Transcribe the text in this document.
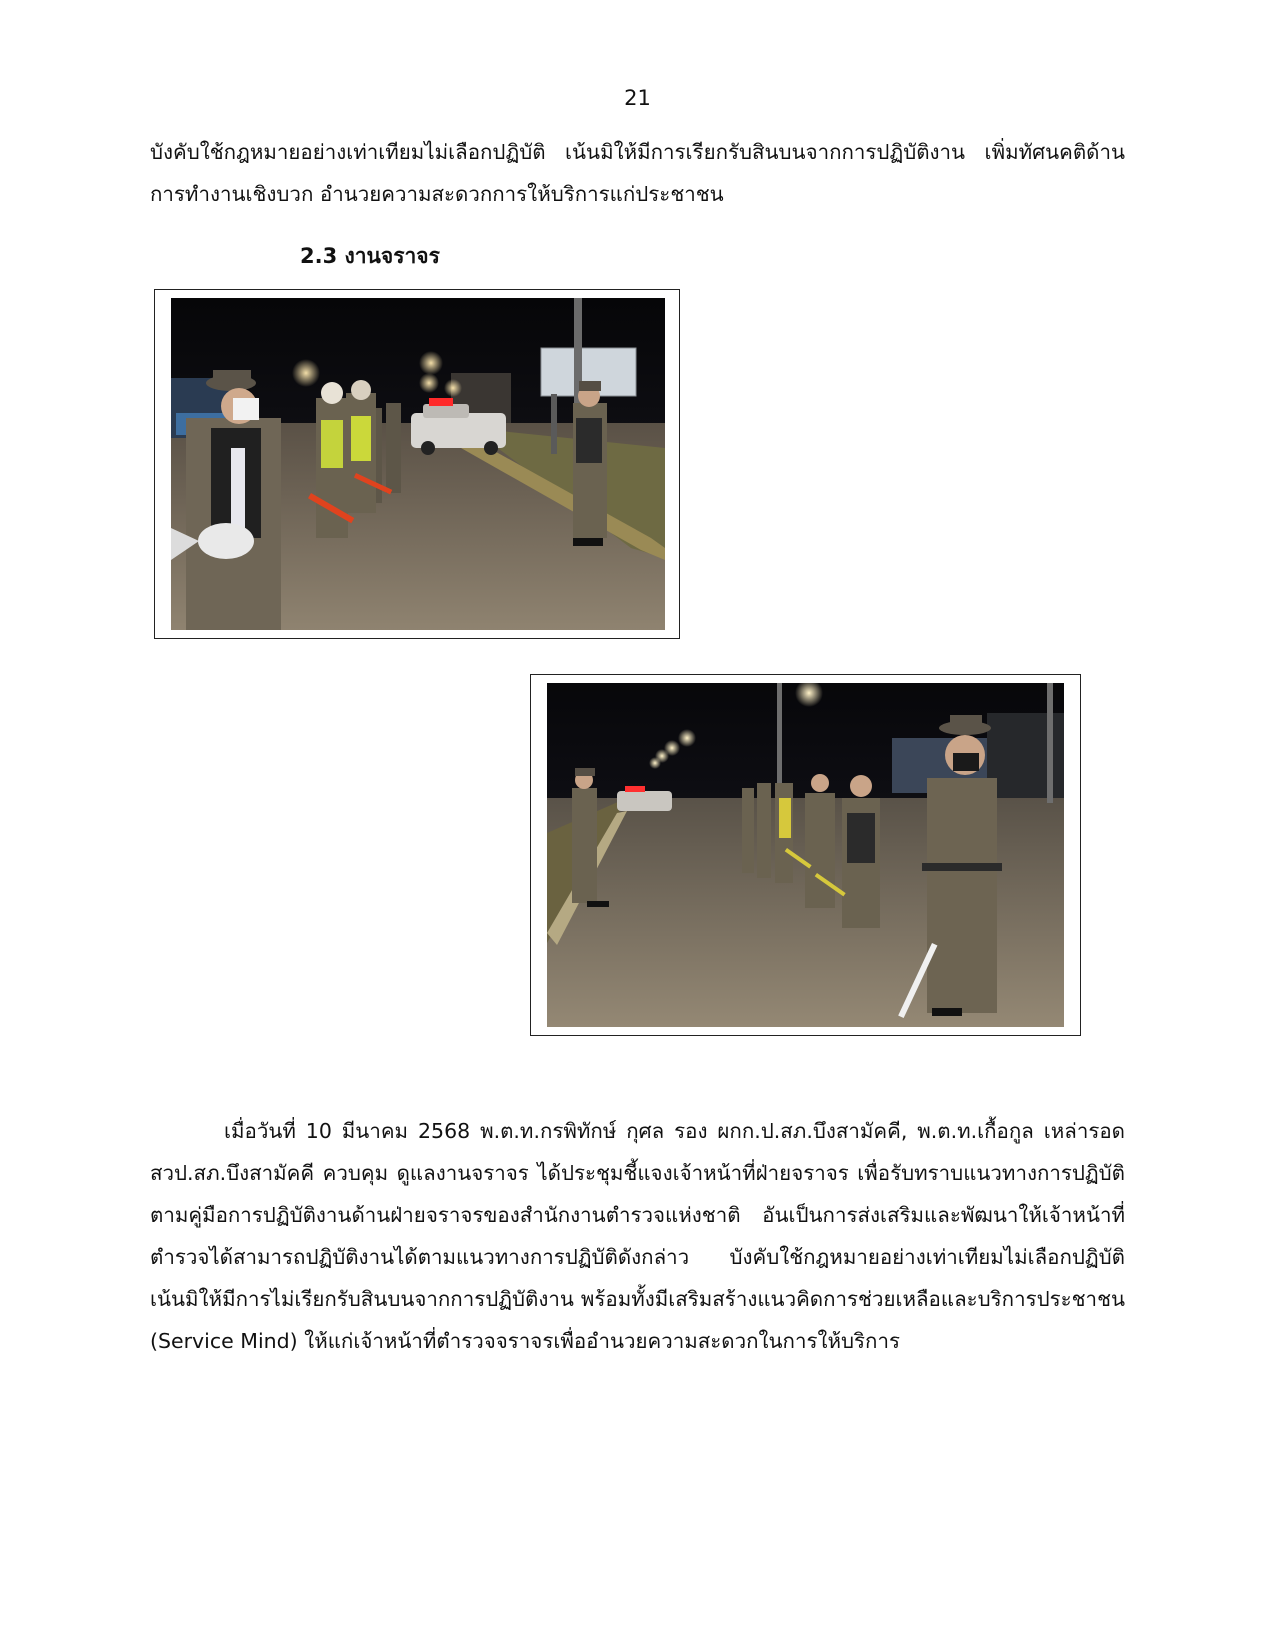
21
บังคับใช้กฎหมายอย่างเท่าเทียมไม่เลือกปฏิบัติ เน้นมิให้มีการเรียกรับสินบนจากการปฏิบัติงาน เพิ่มทัศนคติด้าน
การทำงานเชิงบวก อำนวยความสะดวกการให้บริการแก่ประชาชน
2.3 งานจราจร
เมื่อวันที่ 10 มีนาคม 2568 พ.ต.ท.กรพิทักษ์ กุศล รอง ผกก.ป.สภ.บึงสามัคคี, พ.ต.ท.เกื้อกูล เหล่ารอด
สวป.สภ.บึงสามัคคี ควบคุม ดูแลงานจราจร ได้ประชุมชี้แจงเจ้าหน้าที่ฝ่ายจราจร เพื่อรับทราบแนวทางการปฏิบัติ
ตามคู่มือการปฏิบัติงานด้านฝ่ายจราจรของสำนักงานตำรวจแห่งชาติ อันเป็นการส่งเสริมและพัฒนาให้เจ้าหน้าที่
ตำรวจได้สามารถปฏิบัติงานได้ตามแนวทางการปฏิบัติดังกล่าว บังคับใช้กฎหมายอย่างเท่าเทียมไม่เลือกปฏิบัติ
เน้นมิให้มีการไม่เรียกรับสินบนจากการปฏิบัติงาน พร้อมทั้งมีเสริมสร้างแนวคิดการช่วยเหลือและบริการประชาชน
(Service Mind) ให้แก่เจ้าหน้าที่ตำรวจจราจรเพื่ออำนวยความสะดวกในการให้บริการ
